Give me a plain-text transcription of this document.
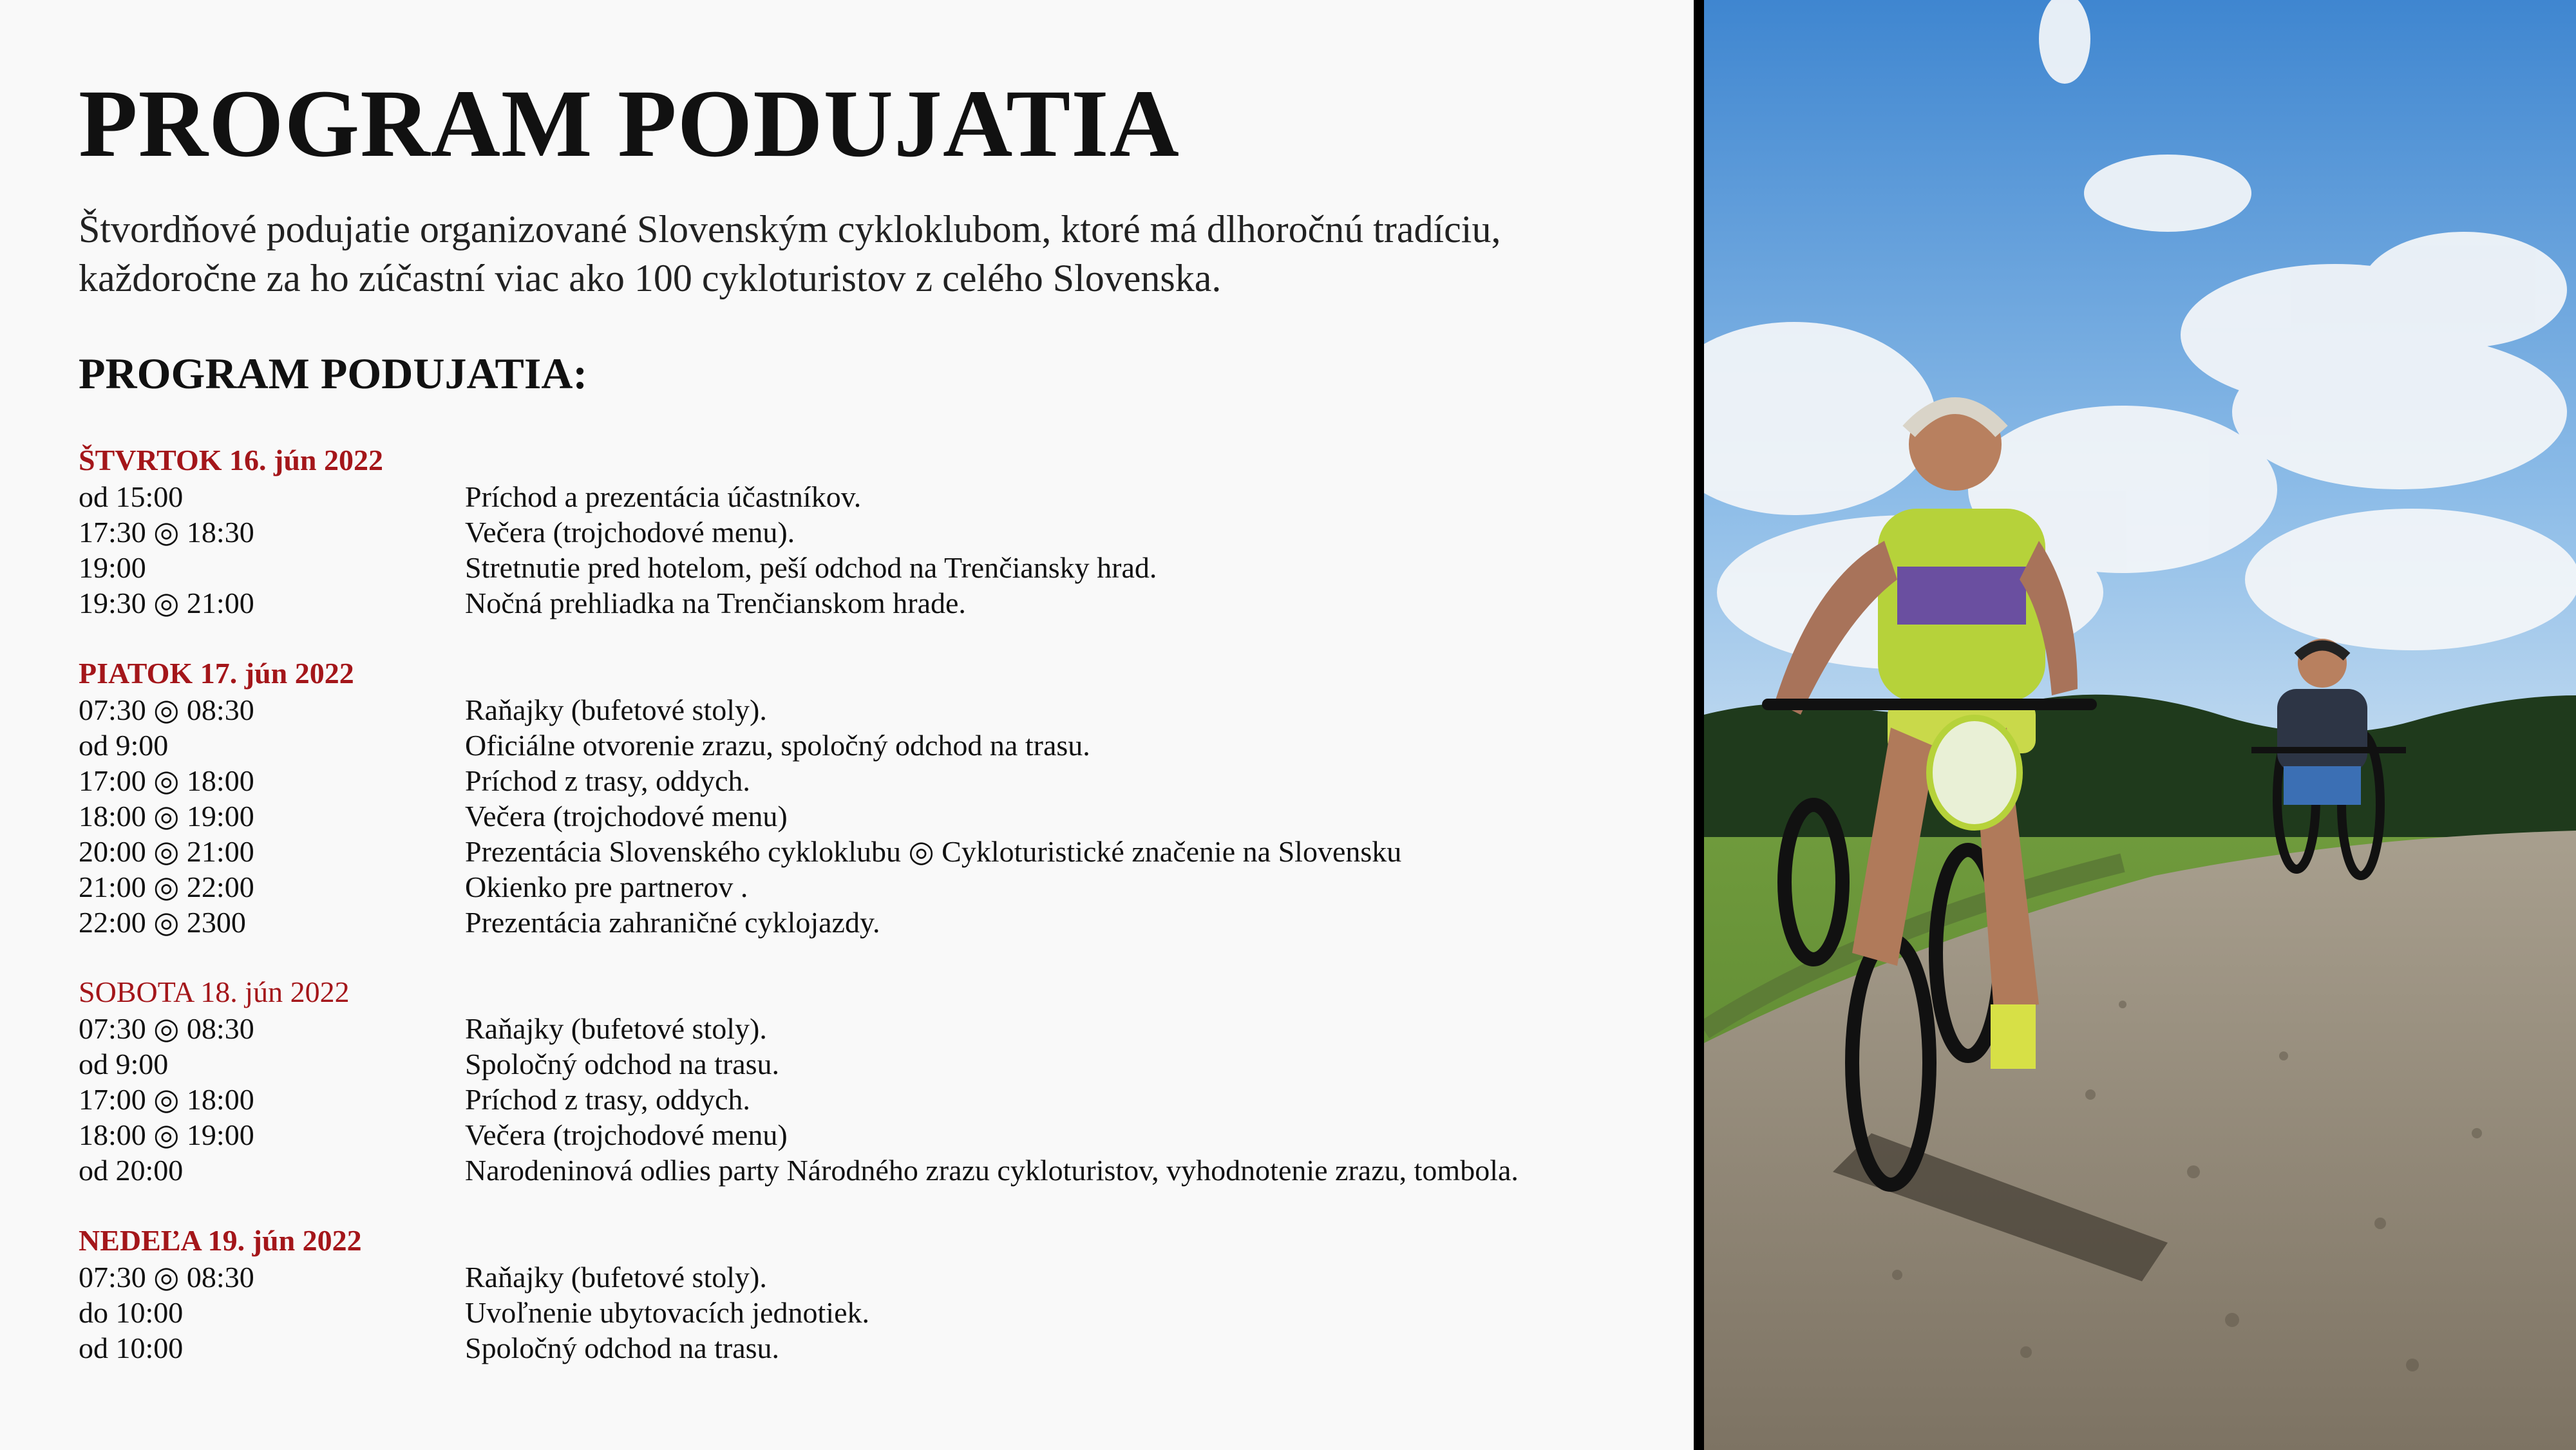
PROGRAM PODUJATIA
Štvordňové podujatie organizované Slovenským cykloklubom, ktoré má dlhoročnú tradíciu,
každoročne za ho zúčastní viac ako 100 cykloturistov z celého Slovenska.
PROGRAM PODUJATIA:
ŠTVRTOK 16. jún 2022
od 15:00	Príchod a prezentácia účastníkov.
17:30 ◎ 18:30	Večera (trojchodové menu).
19:00	Stretnutie pred hotelom, peší odchod na Trenčiansky hrad.
19:30 ◎ 21:00	Nočná prehliadka na Trenčianskom hrade.
PIATOK 17. jún 2022
07:30 ◎ 08:30	Raňajky (bufetové stoly).
od 9:00	Oficiálne otvorenie zrazu, spoločný odchod na trasu.
17:00 ◎ 18:00	Príchod z trasy, oddych.
18:00 ◎ 19:00	Večera (trojchodové menu)
20:00 ◎ 21:00	Prezentácia Slovenského cykloklubu ◎ Cykloturistické značenie na Slovensku
21:00 ◎ 22:00	Okienko pre partnerov .
22:00 ◎ 2300	Prezentácia zahraničné cyklojazdy.
SOBOTA 18. jún 2022
07:30 ◎ 08:30	Raňajky (bufetové stoly).
od 9:00	Spoločný odchod na trasu.
17:00 ◎ 18:00	Príchod z trasy, oddych.
18:00 ◎ 19:00	Večera (trojchodové menu)
od 20:00	Narodeninová odlies party Národného zrazu cykloturistov, vyhodnotenie zrazu, tombola.
NEDEĽA 19. jún 2022
07:30 ◎ 08:30	Raňajky (bufetové stoly).
do 10:00	Uvoľnenie ubytovacích jednotiek.
od 10:00	Spoločný odchod na trasu.
